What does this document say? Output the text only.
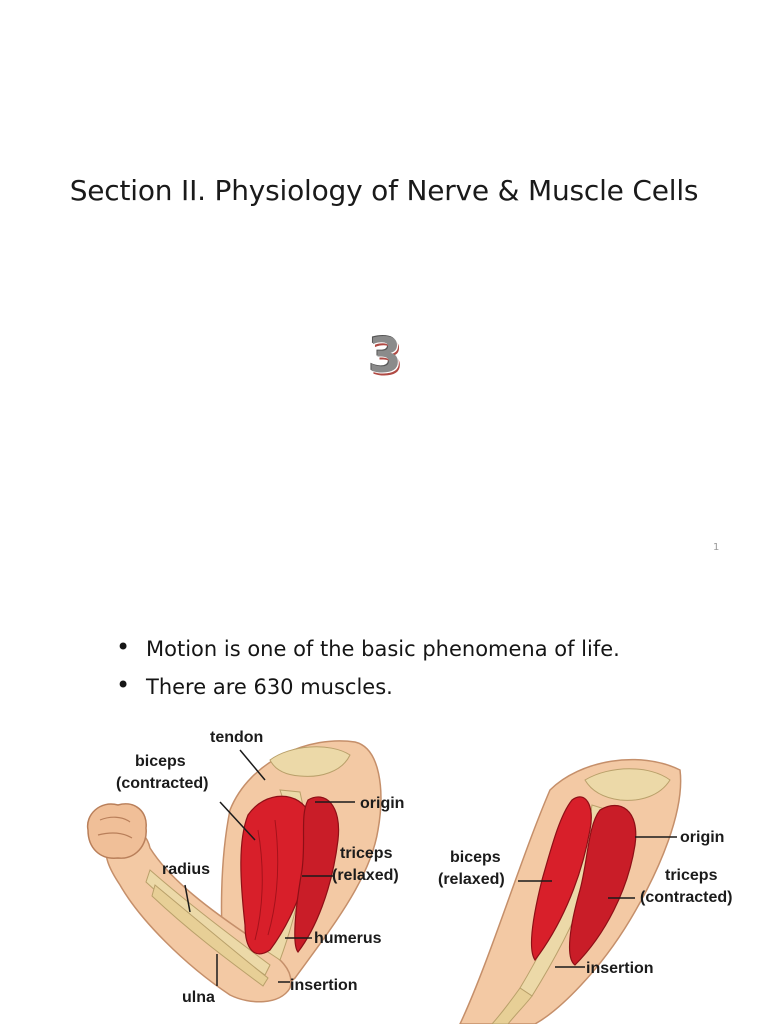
Section II. Physiology of Nerve & Muscle Cells
3
1
• Motion is one of the basic phenomena of life.
• There are 630 muscles.
tendon
biceps
(contracted)
origin
triceps
(relaxed)
radius
humerus
insertion
ulna
origin
biceps
(relaxed)	triceps
(contracted)
insertion
